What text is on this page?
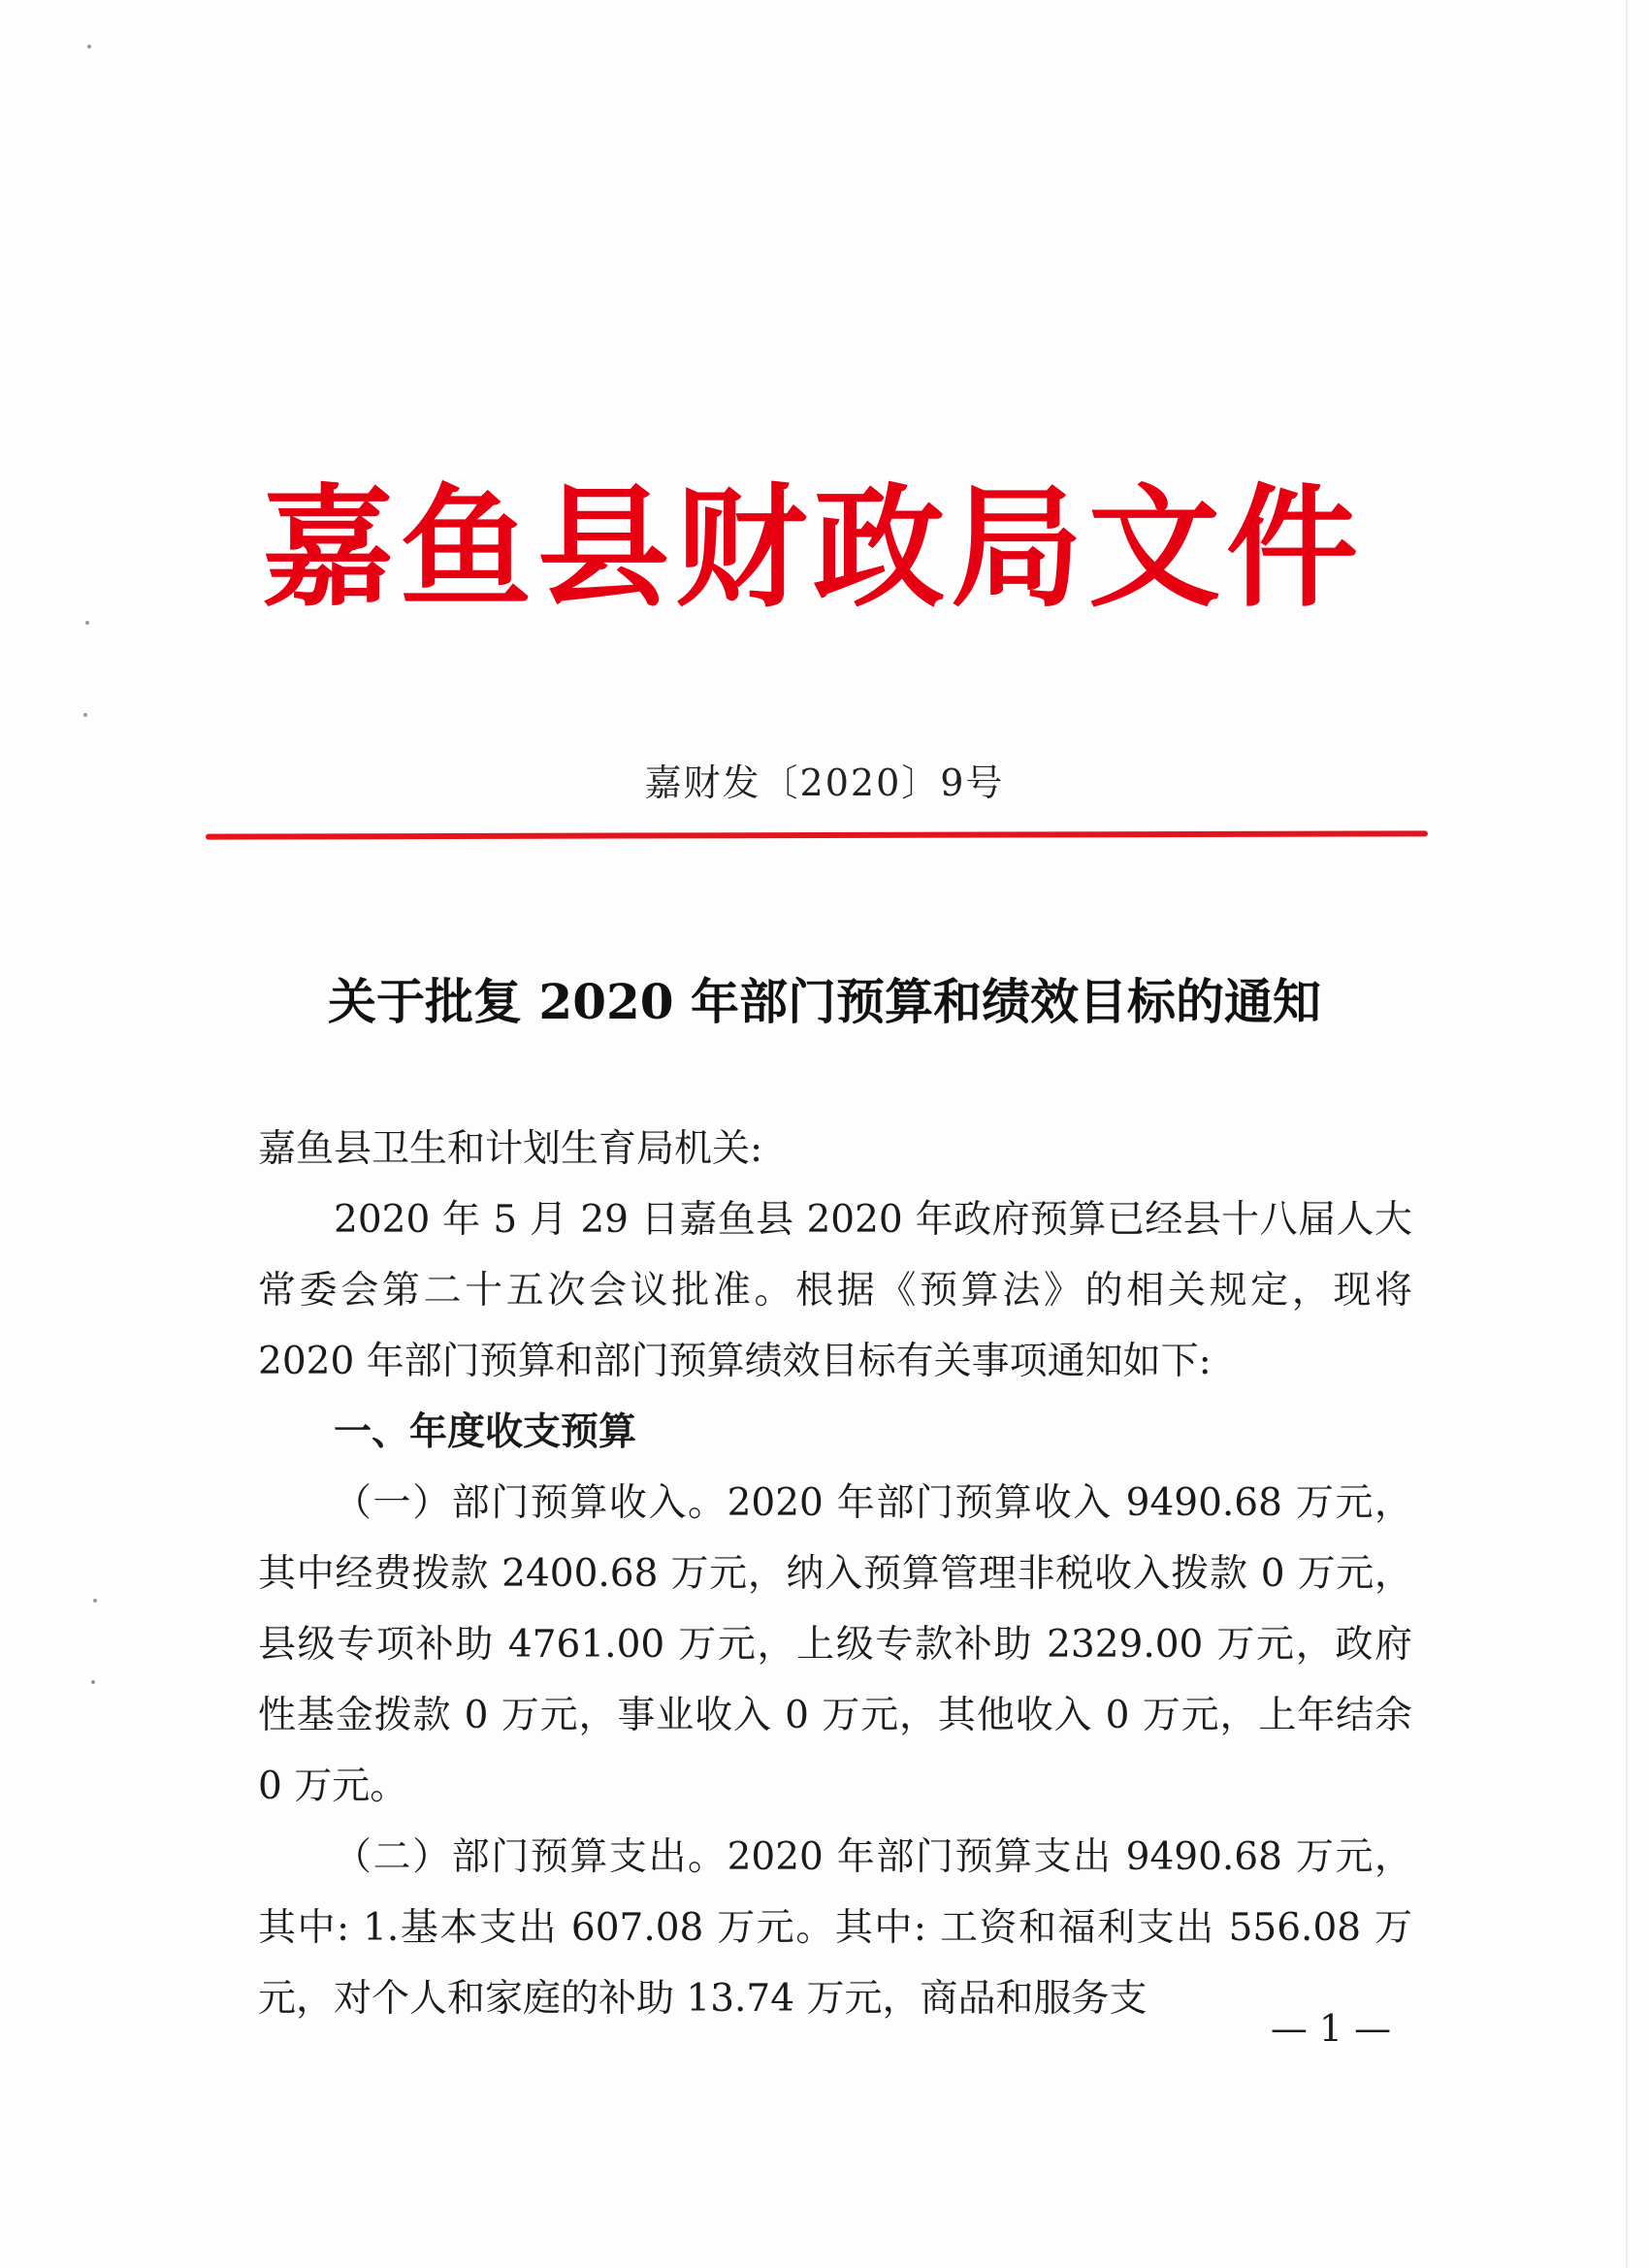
嘉鱼县财政局文件
嘉财发〔2020〕9号
关于批复 2020 年部门预算和绩效目标的通知
嘉鱼县卫生和计划生育局机关:

2020 年 5 月 29 日嘉鱼县 2020 年政府预算已经县十八届人大常委会第二十五次会议批准。根据《预算法》的相关规定，现将 2020 年部门预算和部门预算绩效目标有关事项通知如下:

一、年度收支预算

（一）部门预算收入。2020 年部门预算收入 9490.68 万元，其中经费拨款 2400.68 万元，纳入预算管理非税收入拨款 0 万元，县级专项补助 4761.00 万元，上级专款补助 2329.00 万元，政府性基金拨款 0 万元，事业收入 0 万元，其他收入 0 万元，上年结余 0 万元。

（二）部门预算支出。2020 年部门预算支出 9490.68 万元，其中: 1.基本支出 607.08 万元。其中: 工资和福利支出 556.08 万元，对个人和家庭的补助 13.74 万元，商品和服务支

— 1 —
